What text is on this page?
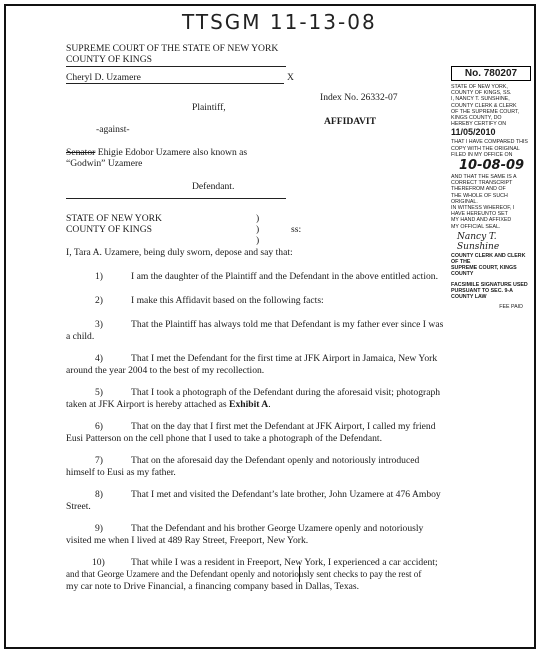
TTSGM 11-13-08
SUPREME COURT OF THE STATE OF NEW YORK
COUNTY OF KINGS
Cheryl D. Uzamere	X
Plaintiff,
Index No. 26332-07
-against-
AFFIDAVIT
Senator Ehigie Edobor Uzamere also known as
“Godwin” Uzamere
Defendant.
STATE OF NEW YORK
COUNTY OF KINGS
)
)
)
ss:
I, Tara A. Uzamere, being duly sworn, depose and say that:
1)	I am the daughter of the Plaintiff and the Defendant in the above entitled action.
2)	I make this Affidavit based on the following facts:
3)	That the Plaintiff has always told me that Defendant is my father ever since I was
a child.
4)	That I met the Defendant for the first time at JFK Airport in Jamaica, New York
around the year 2004 to the best of my recollection.
5)	That I took a photograph of the Defendant during the aforesaid visit; photograph
taken at JFK Airport is hereby attached as Exhibit A.
6)	That on the day that I first met the Defendant at JFK Airport, I called my friend
Eusi Patterson on the cell phone that I used to take a photograph of the Defendant.
7)	That on the aforesaid day the Defendant openly and notoriously introduced
himself to Eusi as my father.
8)	That I met and visited the Defendant’s late brother, John Uzamere at 476 Amboy
Street.
9)	That the Defendant and his brother George Uzamere openly and notoriously
visited me when I lived at 489 Ray Street, Freeport, New York.
10)	That while I was a resident in Freeport, New York, I experienced a car accident;
and that George Uzamere and the Defendant openly and notoriously sent checks to pay the rest of
my car note to Drive Financial, a financing company based in Dallas, Texas.
No. 780207
STATE OF NEW YORK,
COUNTY OF KINGS, SS.
I, NANCY T. SUNSHINE,
COUNTY CLERK & CLERK
OF THE SUPREME COURT,
KINGS COUNTY, DO
HEREBY CERTIFY ON
11/05/2010
THAT I HAVE COMPARED THIS
COPY WITH THE ORIGINAL
FILED IN MY OFFICE ON
10-08-09
AND THAT THE SAME IS A
CORRECT TRANSCRIPT
THEREFROM AND OF
THE WHOLE OF SUCH
ORIGINAL.
IN WITNESS WHEREOF, I
HAVE HEREUNTO SET
MY HAND AND AFFIXED
MY OFFICIAL SEAL.
Nancy T. Sunshine
COUNTY CLERK AND CLERK OF THE
SUPREME COURT, KINGS COUNTY
FACSIMILE SIGNATURE USED
PURSUANT TO SEC. 9-A
COUNTY LAW
FEE PAID
